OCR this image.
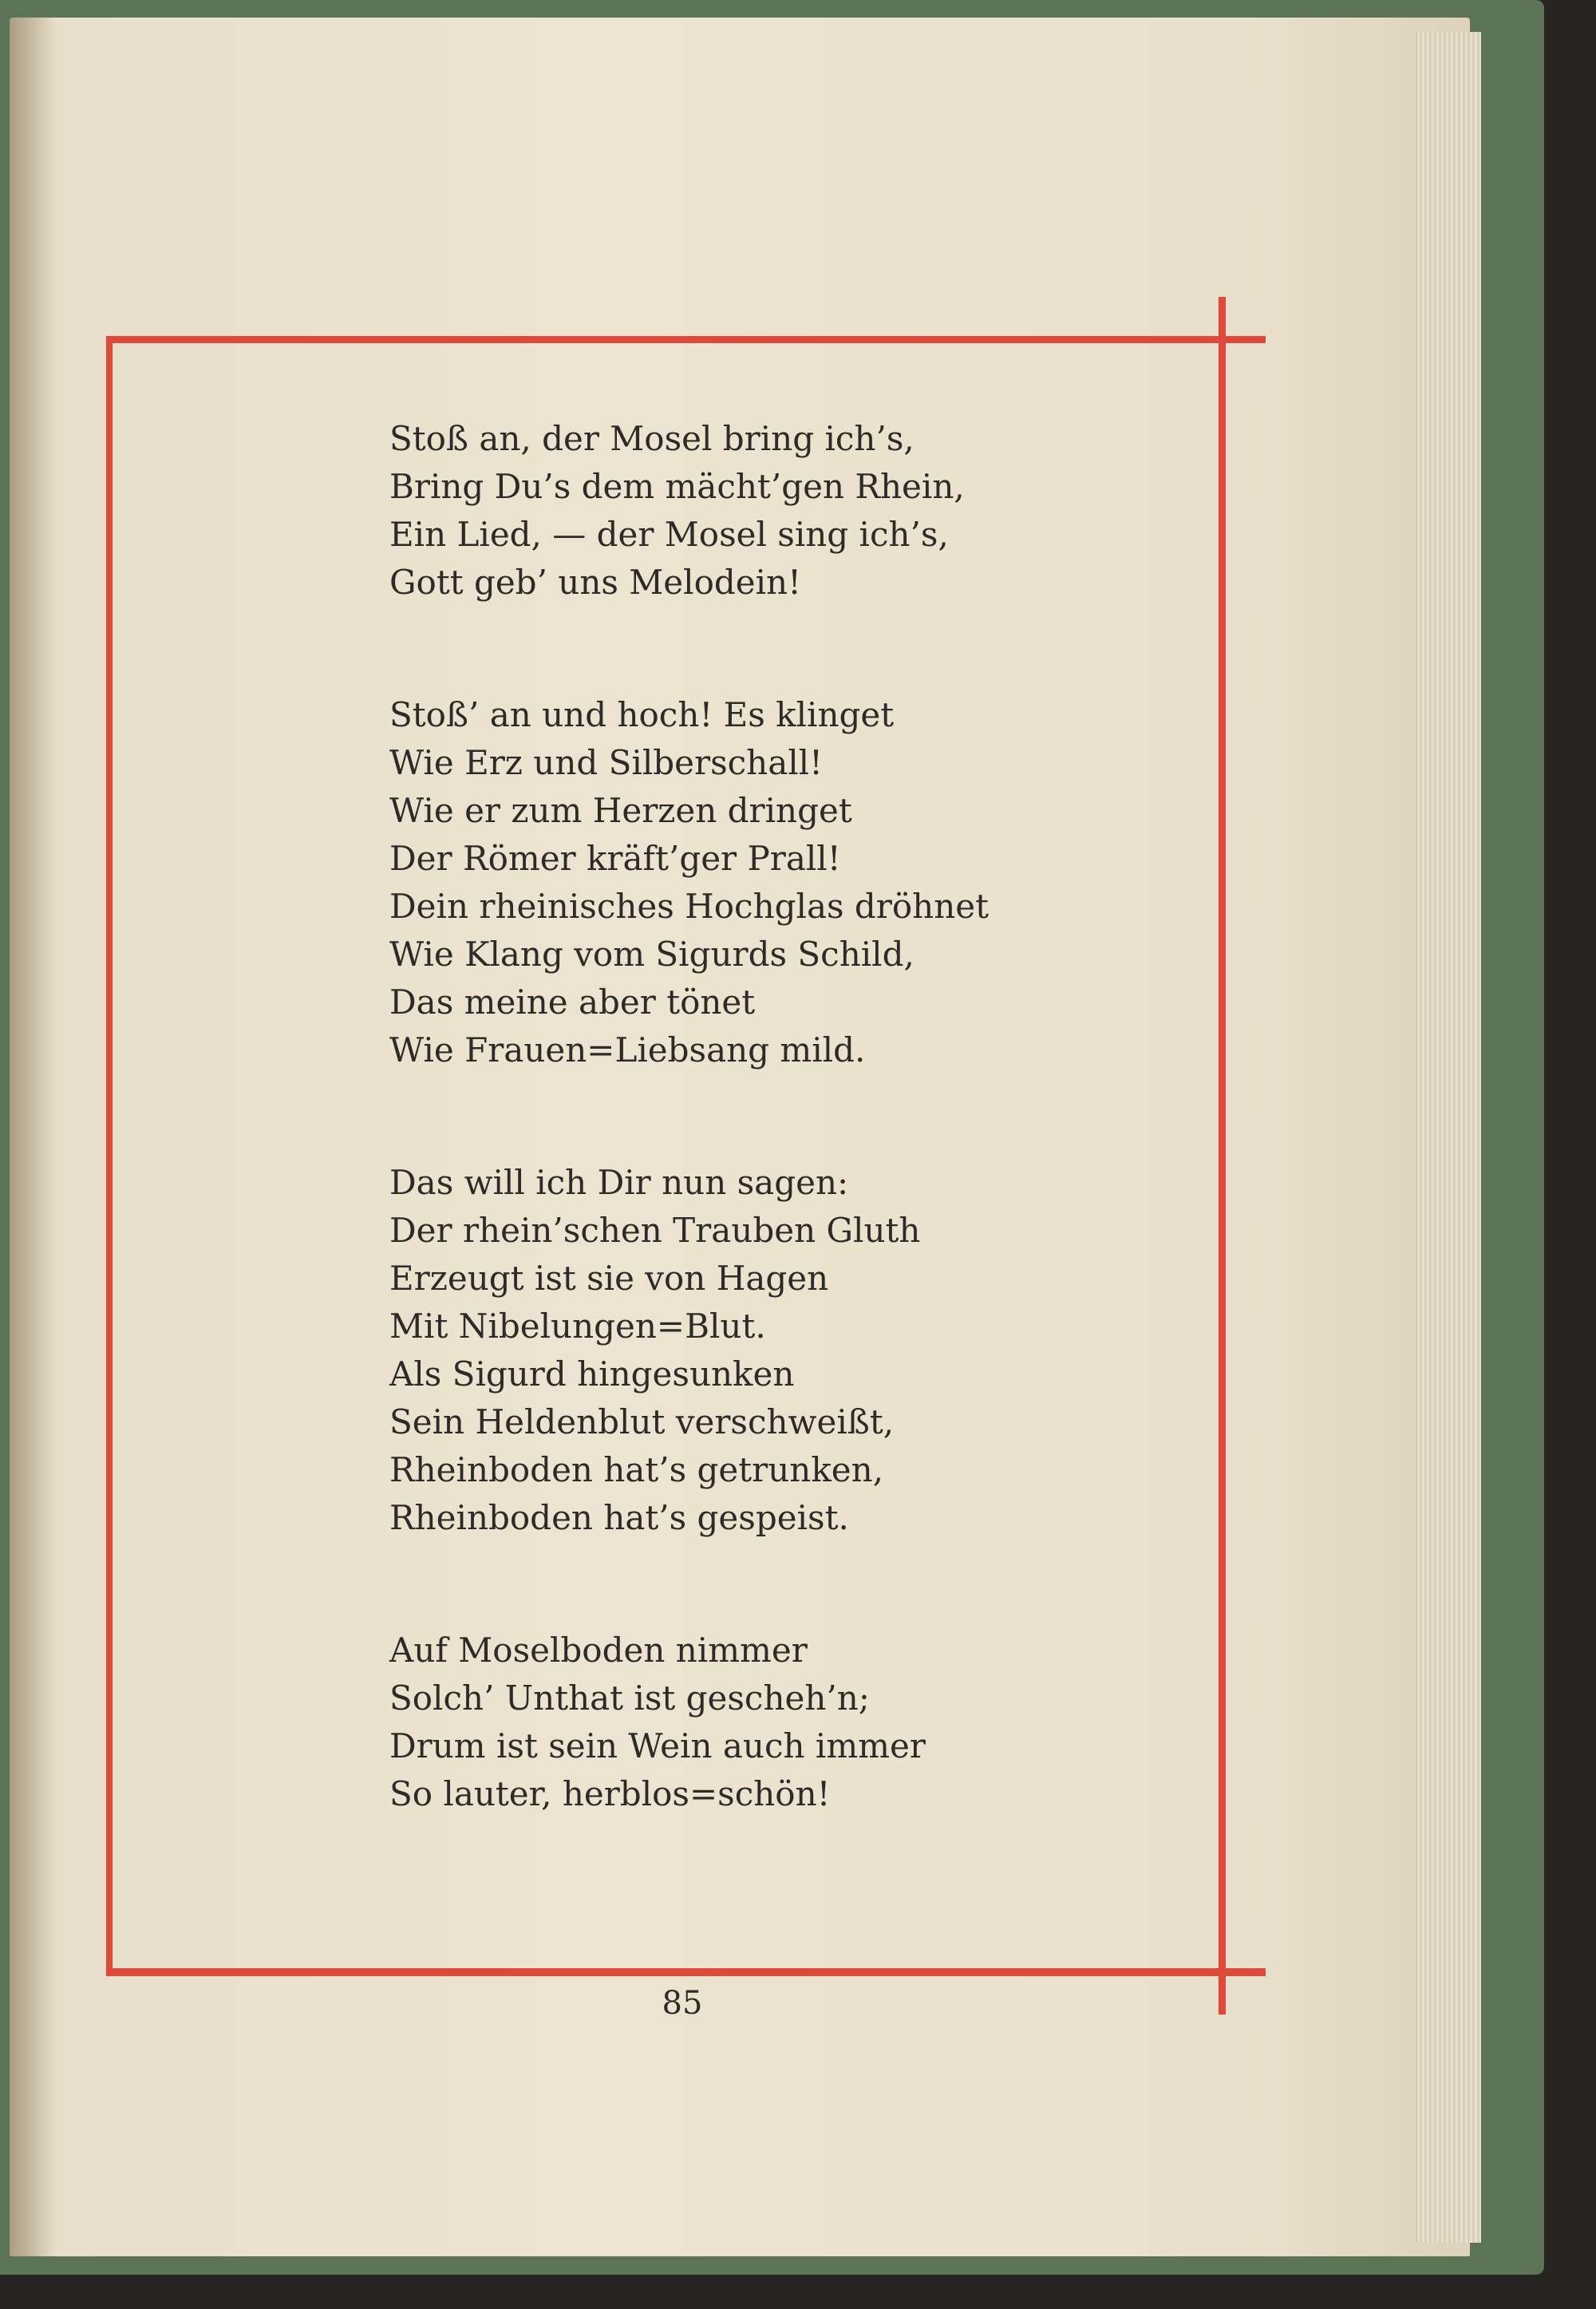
Stoß an, der Mosel bring ich’s,
Bring Du’s dem mächt’gen Rhein,
Ein Lied, — der Mosel sing ich’s,
Gott geb’ uns Melodein!
Stoß’ an und hoch! Es klinget
Wie Erz und Silberschall!
Wie er zum Herzen dringet
Der Römer kräft’ger Prall!
Dein rheinisches Hochglas dröhnet
Wie Klang vom Sigurds Schild,
Das meine aber tönet
Wie Frauen=Liebsang mild.
Das will ich Dir nun sagen:
Der rhein’schen Trauben Gluth
Erzeugt ist sie von Hagen
Mit Nibelungen=Blut.
Als Sigurd hingesunken
Sein Heldenblut verschweißt,
Rheinboden hat’s getrunken,
Rheinboden hat’s gespeist.
Auf Moselboden nimmer
Solch’ Unthat ist gescheh’n;
Drum ist sein Wein auch immer
So lauter, herblos=schön!
85
